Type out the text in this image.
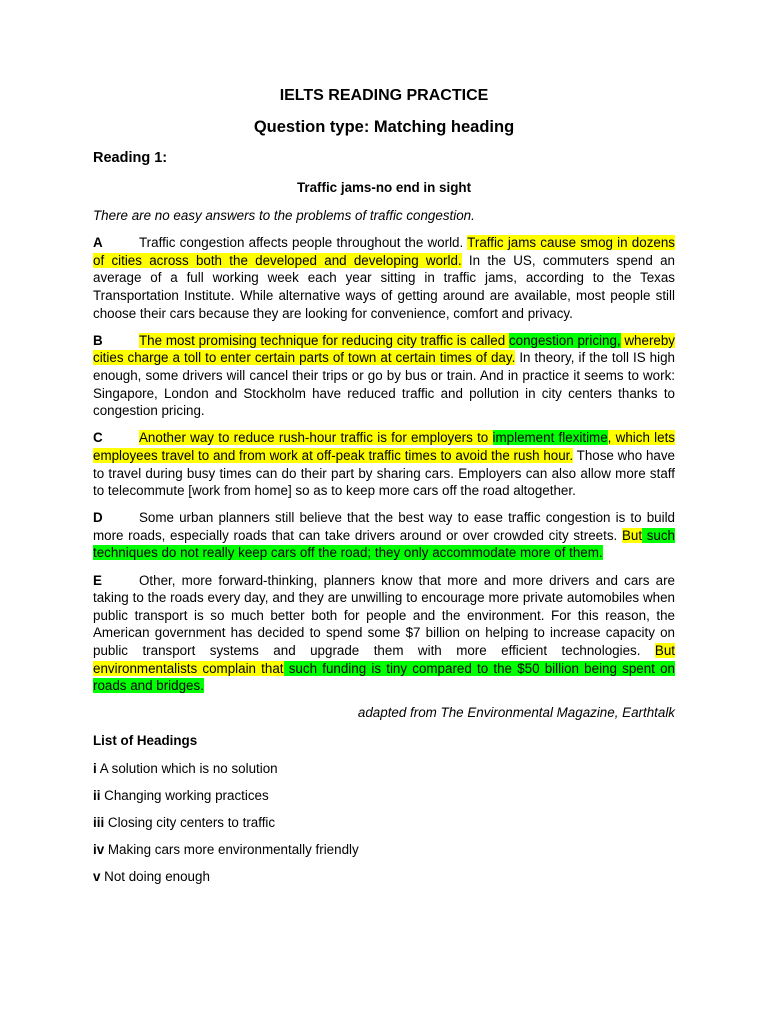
IELTS READING PRACTICE
Question type: Matching heading
Reading 1:
Traffic jams-no end in sight
There are no easy answers to the problems of traffic congestion.
A	Traffic congestion affects people throughout the world. Traffic jams cause smog in dozens of cities across both the developed and developing world. In the US, commuters spend an average of a full working week each year sitting in traffic jams, according to the Texas Transportation Institute. While alternative ways of getting around are available, most people still choose their cars because they are looking for convenience, comfort and privacy.
B	The most promising technique for reducing city traffic is called congestion pricing, whereby cities charge a toll to enter certain parts of town at certain times of day. In theory, if the toll IS high enough, some drivers will cancel their trips or go by bus or train. And in practice it seems to work: Singapore, London and Stockholm have reduced traffic and pollution in city centers thanks to congestion pricing.
C	Another way to reduce rush-hour traffic is for employers to implement flexitime, which lets employees travel to and from work at off-peak traffic times to avoid the rush hour. Those who have to travel during busy times can do their part by sharing cars. Employers can also allow more staff to telecommute [work from home] so as to keep more cars off the road altogether.
D	Some urban planners still believe that the best way to ease traffic congestion is to build more roads, especially roads that can take drivers around or over crowded city streets. But such techniques do not really keep cars off the road; they only accommodate more of them.
E	Other, more forward-thinking, planners know that more and more drivers and cars are taking to the roads every day, and they are unwilling to encourage more private automobiles when public transport is so much better both for people and the environment. For this reason, the American government has decided to spend some $7 billion on helping to increase capacity on public transport systems and upgrade them with more efficient technologies. But environmentalists complain that such funding is tiny compared to the $50 billion being spent on roads and bridges.
adapted from The Environmental Magazine, Earthtalk
List of Headings
i A solution which is no solution
ii Changing working practices
iii Closing city centers to traffic
iv Making cars more environmentally friendly
v Not doing enough
